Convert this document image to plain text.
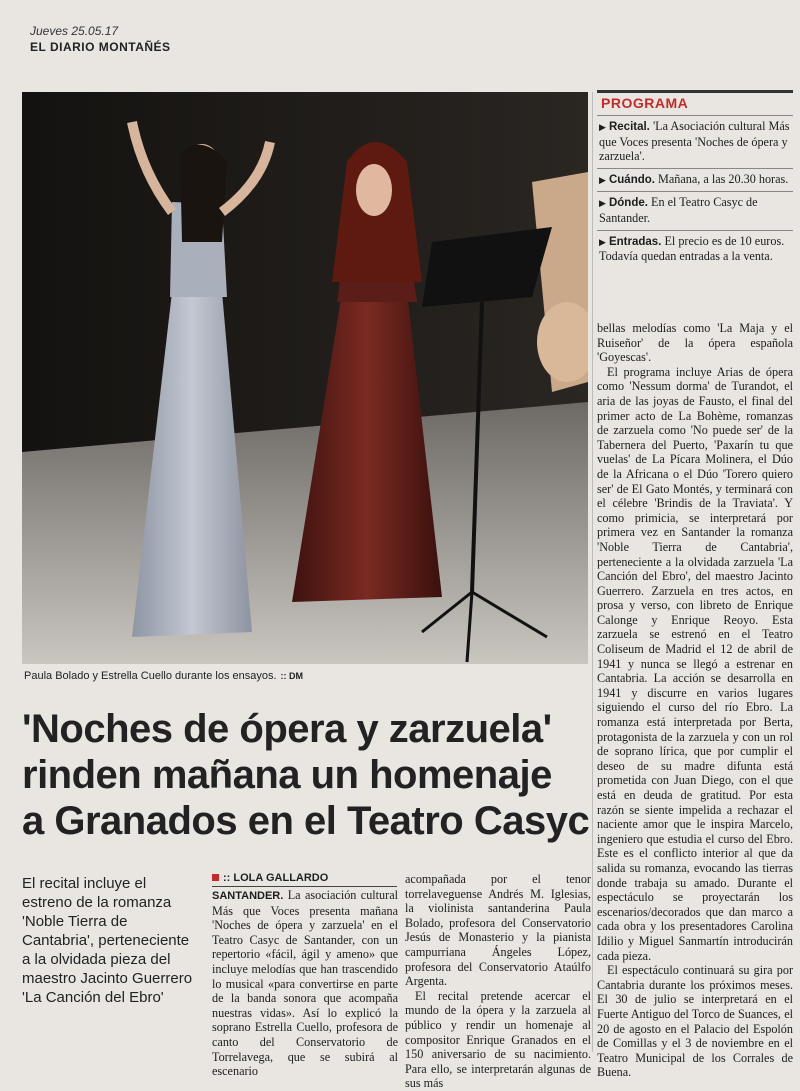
Jueves 25.05.17
EL DIARIO MONTAÑÉS
Paula Bolado y Estrella Cuello durante los ensayos. :: DM
'Noches de ópera y zarzuela'
rinden mañana un homenaje
a Granados en el Teatro Casyc
El recital incluye el estreno de la romanza 'Noble Tierra de Cantabria', perteneciente a la olvidada pieza del maestro Jacinto Guerrero 'La Canción del Ebro'
:: LOLA GALLARDO

SANTANDER. La asociación cultural Más que Voces presenta mañana 'Noches de ópera y zarzuela' en el Teatro Casyc de Santander, con un repertorio «fácil, ágil y ameno» que incluye melodías que han trascendido lo musical «para convertirse en parte de la banda sonora que acompaña nuestras vidas». Así lo explicó la soprano Estrella Cuello, profesora de canto del Conservatorio de Torrelavega, que se subirá al escenario

acompañada por el tenor torrelaveguense Andrés M. Iglesias, la violinista santanderina Paula Bolado, profesora del Conservatorio Jesús de Monasterio y la pianista campurriana Ángeles López, profesora del Conservatorio Ataúlfo Argenta.

El recital pretende acercar el mundo de la ópera y la zarzuela al público y rendir un homenaje al compositor Enrique Granados en el 150 aniversario de su nacimiento. Para ello, se interpretarán algunas de sus más

PROGRAMA
▶ Recital. 'La Asociación cultural Más que Voces presenta 'Noches de ópera y zarzuela'.
▶ Cuándo. Mañana, a las 20.30 horas.
▶ Dónde. En el Teatro Casyc de Santander.
▶ Entradas. El precio es de 10 euros. Todavía quedan entradas a la venta.

bellas melodías como 'La Maja y el Ruiseñor' de la ópera española 'Goyescas'.

El programa incluye Arias de ópera como 'Nessum dorma' de Turandot, el aria de las joyas de Fausto, el final del primer acto de La Bohème, romanzas de zarzuela como 'No puede ser' de la Tabernera del Puerto, 'Paxarín tu que vuelas' de La Pícara Molinera, el Dúo de la Africana o el Dúo 'Torero quiero ser' de El Gato Montés, y terminará con el célebre 'Brindis de la Traviata'. Y como primicia, se interpretará por primera vez en Santander la romanza 'Noble Tierra de Cantabria', perteneciente a la olvidada zarzuela 'La Canción del Ebro', del maestro Jacinto Guerrero. Zarzuela en tres actos, en prosa y verso, con libreto de Enrique Calonge y Enrique Reoyo. Esta zarzuela se estrenó en el Teatro Coliseum de Madrid el 12 de abril de 1941 y nunca se llegó a estrenar en Cantabria. La acción se desarrolla en 1941 y discurre en varios lugares siguiendo el curso del río Ebro. La romanza está interpretada por Berta, protagonista de la zarzuela y con un rol de soprano lírica, que por cumplir el deseo de su madre difunta está prometida con Juan Diego, con el que está en deuda de gratitud. Por esta razón se siente impelida a rechazar el naciente amor que le inspira Marcelo, ingeniero que estudia el curso del Ebro. Este es el conflicto interior al que da salida su romanza, evocando las tierras donde trabaja su amado. Durante el espectáculo se proyectarán los escenarios/decorados que dan marco a cada obra y los presentadores Carolina Idilio y Miguel Sanmartín introducirán cada pieza.

El espectáculo continuará su gira por Cantabria durante los próximos meses. El 30 de julio se interpretará en el Fuerte Antiguo del Torco de Suances, el 20 de agosto en el Palacio del Espolón de Comillas y el 3 de noviembre en el Teatro Municipal de los Corrales de Buena.
